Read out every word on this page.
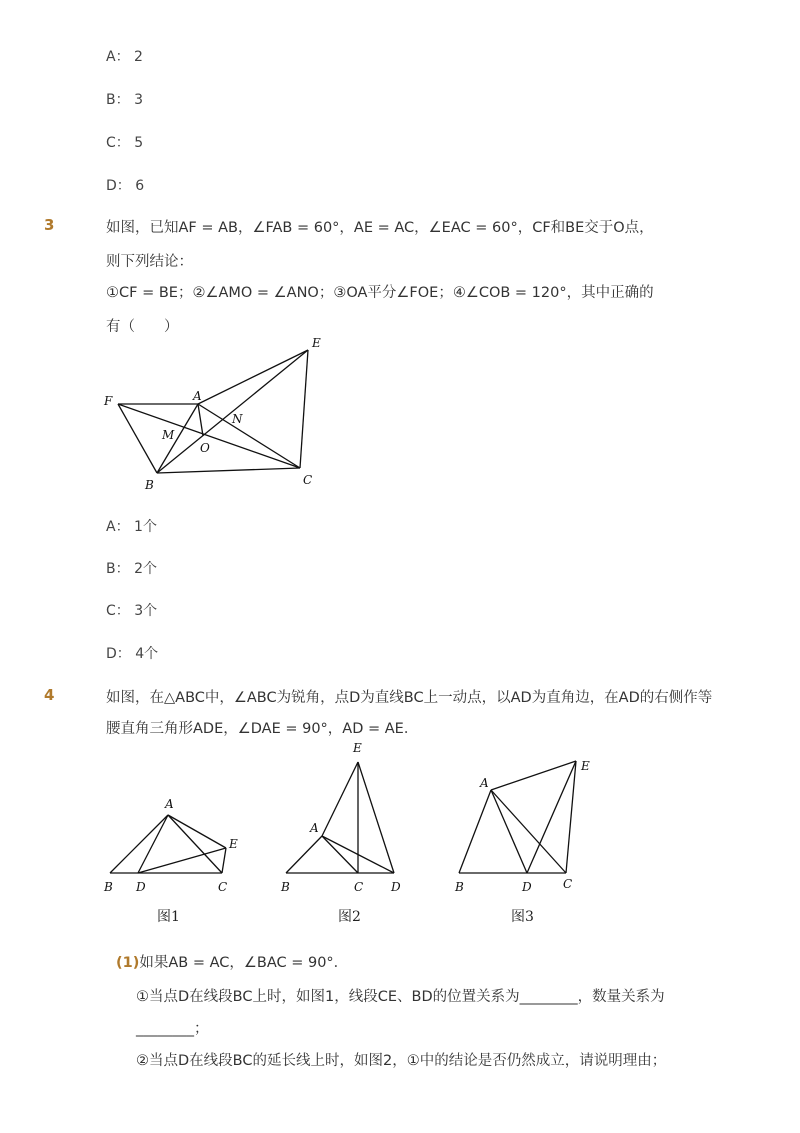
A： 2
B： 3
C： 5
D： 6
3	如图，已知AF = AB，∠FAB = 60°，AE = AC，∠EAC = 60°，CF和BE交于O点，
则下列结论：
①CF = BE；②∠AMO = ∠ANO；③OA平分∠FOE；④∠COB = 120°，其中正确的
有（　　）
E
A
F
N
M
O
B	C
A： 1个
B： 2个
C： 3个
D： 4个
4	如图，在△ABC中，∠ABC为锐角，点D为直线BC上一动点，以AD为直角边，在AD的右侧作等
腰直角三角形ADE，∠DAE = 90°，AD = AE．
A
B D	C
E
E
A
B	C D
A
E
B	D	C
图1	图2	图3
(1)如果AB = AC，∠BAC = 90°．
①当点D在线段BC上时，如图1，线段CE、BD的位置关系为________，数量关系为
________；
②当点D在线段BC的延长线上时，如图2，①中的结论是否仍然成立，请说明理由；
